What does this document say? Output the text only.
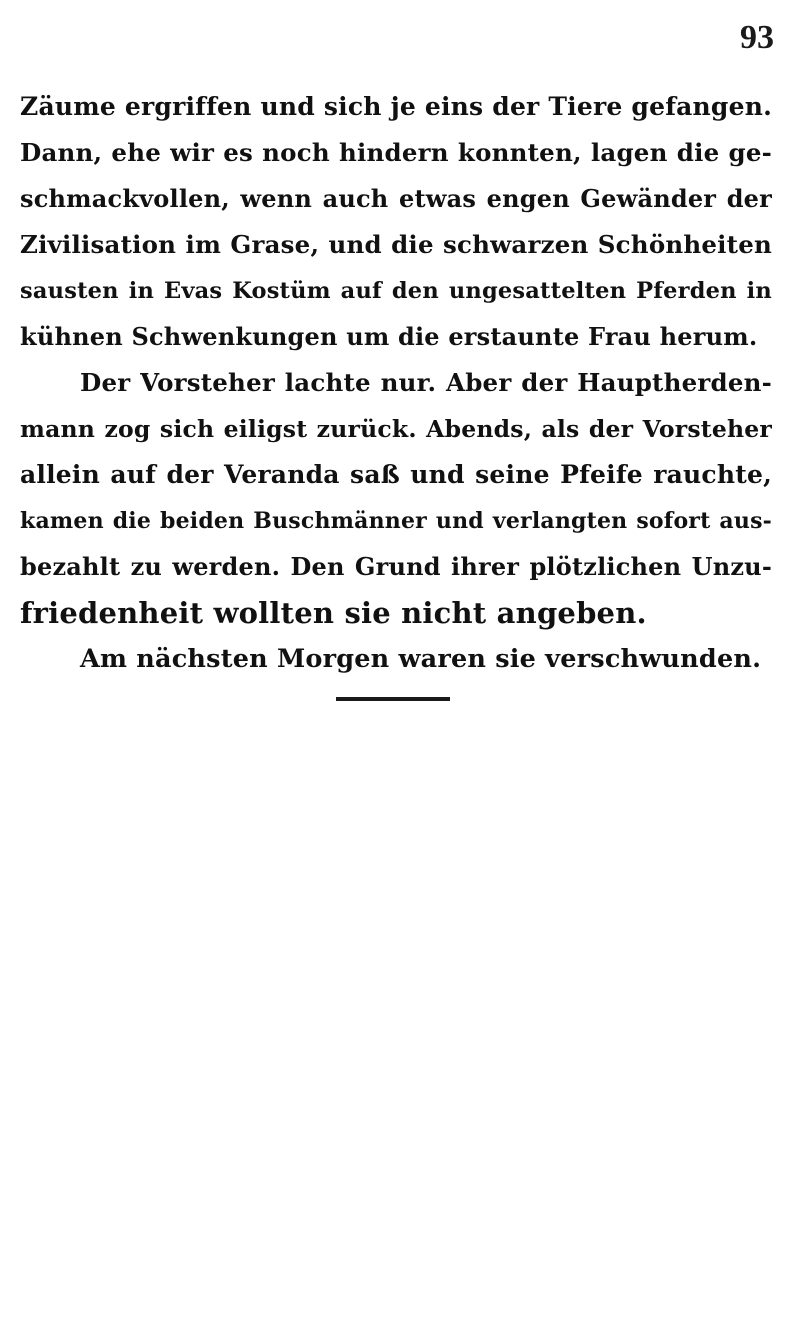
93
Zäume ergriffen und sich je eins der Tiere gefangen.
Dann, ehe wir es noch hindern konnten, lagen die ge-
schmackvollen, wenn auch etwas engen Gewänder der
Zivilisation im Grase, und die schwarzen Schönheiten
sausten in Evas Kostüm auf den ungesattelten Pferden in
kühnen Schwenkungen um die erstaunte Frau herum.
Der Vorsteher lachte nur. Aber der Hauptherden-
mann zog sich eiligst zurück. Abends, als der Vorsteher
allein auf der Veranda saß und seine Pfeife rauchte,
kamen die beiden Buschmänner und verlangten sofort aus-
bezahlt zu werden. Den Grund ihrer plötzlichen Unzu-
friedenheit wollten sie nicht angeben.
Am nächsten Morgen waren sie verschwunden.
